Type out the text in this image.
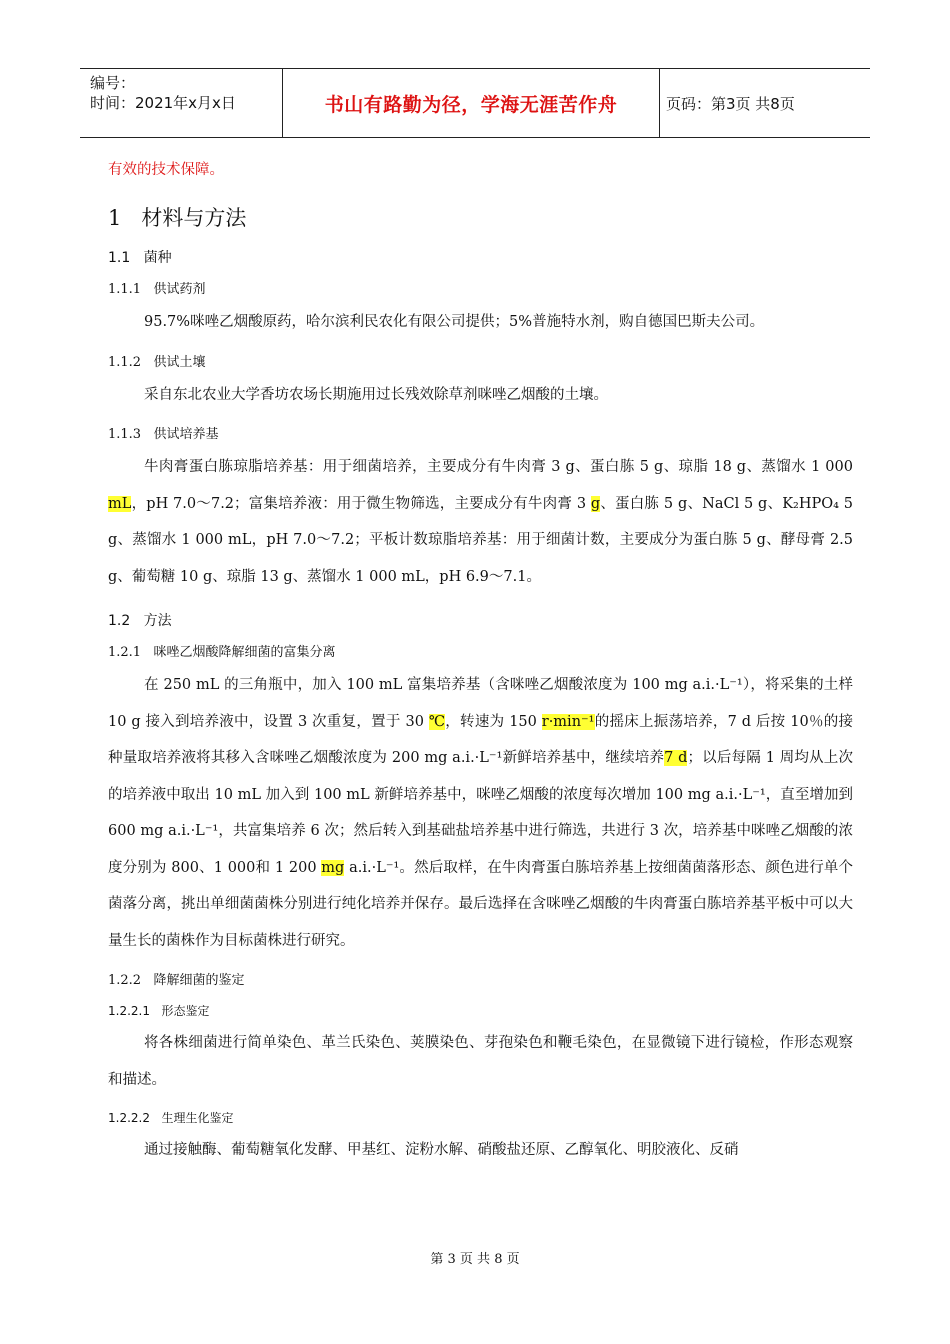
编号：
时间：2021年x月x日	书山有路勤为径，学海无涯苦作舟	页码：第3页 共8页

有效的技术保障。

1 材料与方法
1.1 菌种
1.1.1 供试药剂

95.7%咪唑乙烟酸原药，哈尔滨利民农化有限公司提供；5%普施特水剂，购自德国巴斯夫公司。

1.1.2 供试土壤

采自东北农业大学香坊农场长期施用过长残效除草剂咪唑乙烟酸的土壤。

1.1.3 供试培养基

牛肉膏蛋白胨琼脂培养基：用于细菌培养，主要成分有牛肉膏 3 g、蛋白胨 5 g、琼脂 18 g、蒸馏水 1 000 mL，pH 7.0～7.2；富集培养液：用于微生物筛选，主要成分有牛肉膏 3 g、蛋白胨 5 g、NaCl 5 g、K₂HPO₄ 5 g、蒸馏水 1 000 mL，pH 7.0～7.2；平板计数琼脂培养基：用于细菌计数，主要成分为蛋白胨 5 g、酵母膏 2.5 g、葡萄糖 10 g、琼脂 13 g、蒸馏水 1 000 mL，pH 6.9～7.1。

1.2 方法
1.2.1 咪唑乙烟酸降解细菌的富集分离

在 250 mL 的三角瓶中，加入 100 mL 富集培养基（含咪唑乙烟酸浓度为 100 mg a.i.·L⁻¹），将采集的土样 10 g 接入到培养液中，设置 3 次重复，置于 30 ℃，转速为 150 r·min⁻¹的摇床上振荡培养，7 d 后按 10％的接种量取培养液将其移入含咪唑乙烟酸浓度为 200 mg a.i.·L⁻¹新鲜培养基中，继续培养7 d；以后每隔 1 周均从上次的培养液中取出 10 mL 加入到 100 mL 新鲜培养基中，咪唑乙烟酸的浓度每次增加 100 mg a.i.·L⁻¹，直至增加到 600 mg a.i.·L⁻¹，共富集培养 6 次；然后转入到基础盐培养基中进行筛选，共进行 3 次，培养基中咪唑乙烟酸的浓度分别为 800、1 000和 1 200 mg a.i.·L⁻¹。然后取样，在牛肉膏蛋白胨培养基上按细菌菌落形态、颜色进行单个菌落分离，挑出单细菌菌株分别进行纯化培养并保存。最后选择在含咪唑乙烟酸的牛肉膏蛋白胨培养基平板中可以大量生长的菌株作为目标菌株进行研究。

1.2.2 降解细菌的鉴定
1.2.2.1 形态鉴定

将各株细菌进行简单染色、革兰氏染色、荚膜染色、芽孢染色和鞭毛染色，在显微镜下进行镜检，作形态观察和描述。

1.2.2.2 生理生化鉴定

通过接触酶、葡萄糖氧化发酵、甲基红、淀粉水解、硝酸盐还原、乙醇氧化、明胶液化、反硝

第 3 页 共 8 页
